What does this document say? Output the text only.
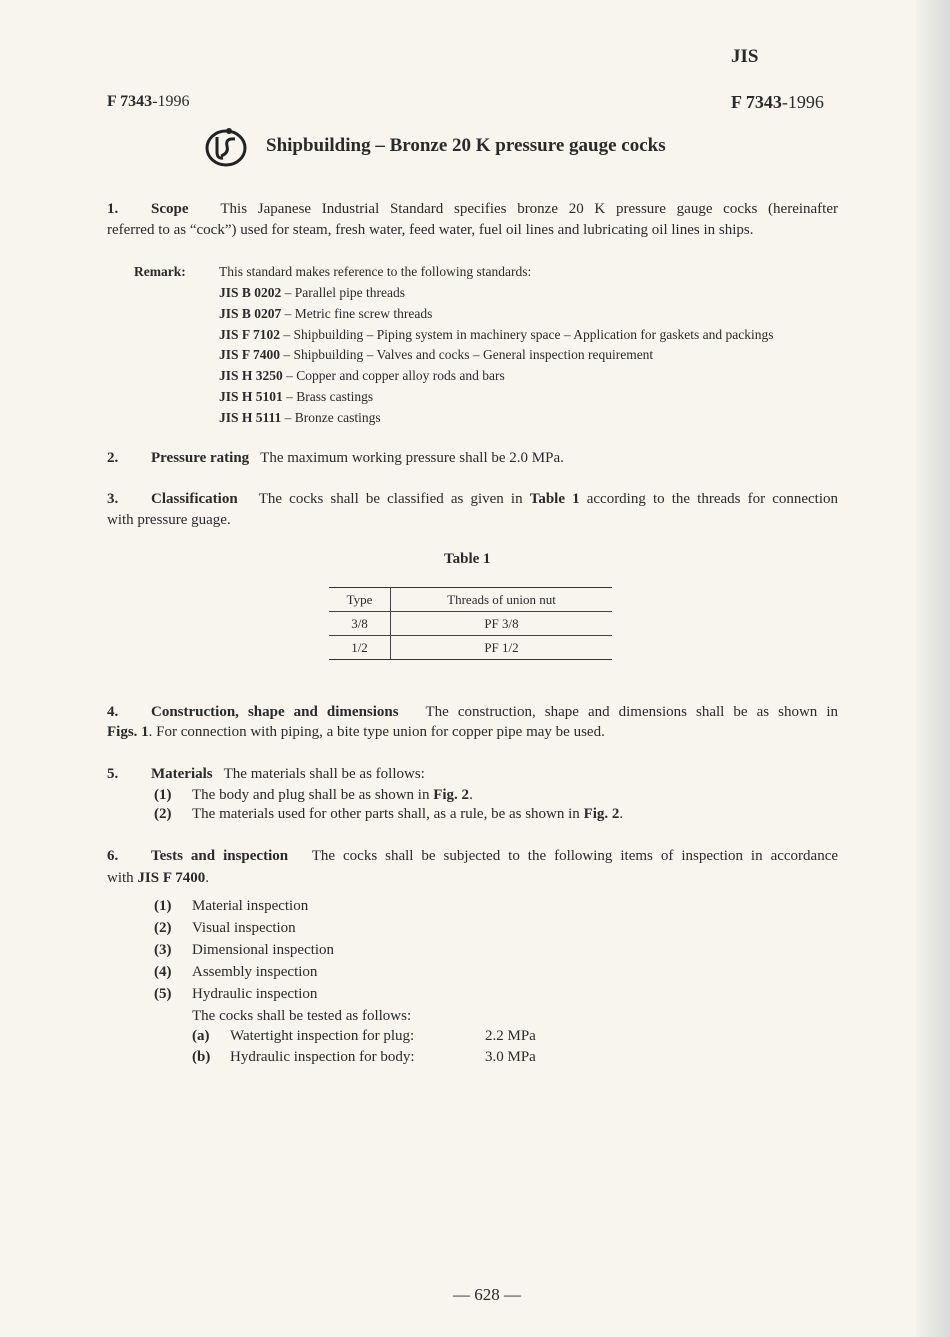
JIS
F 7343-1996	F 7343-1996
Shipbuilding – Bronze 20 K pressure gauge cocks
1. Scope This Japanese Industrial Standard specifies bronze 20 K pressure gauge cocks (hereinafter
referred to as “cock”) used for steam, fresh water, feed water, fuel oil lines and lubricating oil lines in ships.
Remark: This standard makes reference to the following standards:
JIS B 0202 – Parallel pipe threads
JIS B 0207 – Metric fine screw threads
JIS F 7102 – Shipbuilding – Piping system in machinery space – Application for gaskets and packings
JIS F 7400 – Shipbuilding – Valves and cocks – General inspection requirement
JIS H 3250 – Copper and copper alloy rods and bars
JIS H 5101 – Brass castings
JIS H 5111 – Bronze castings
2. Pressure rating The maximum working pressure shall be 2.0 MPa.
3. Classification The cocks shall be classified as given in Table 1 according to the threads for connection
with pressure guage.
Table 1
Type	Threads of union nut
3/8	PF 3/8
1/2	PF 1/2
4. Construction, shape and dimensions The construction, shape and dimensions shall be as shown in
Figs. 1. For connection with piping, a bite type union for copper pipe may be used.
5. Materials The materials shall be as follows:
(1) The body and plug shall be as shown in Fig. 2.
(2) The materials used for other parts shall, as a rule, be as shown in Fig. 2.
6. Tests and inspection The cocks shall be subjected to the following items of inspection in accordance
with JIS F 7400.
(1) Material inspection
(2) Visual inspection
(3) Dimensional inspection
(4) Assembly inspection
(5) Hydraulic inspection
The cocks shall be tested as follows:
(a) Watertight inspection for plug:	2.2 MPa
(b) Hydraulic inspection for body:	3.0 MPa
— 628 —
